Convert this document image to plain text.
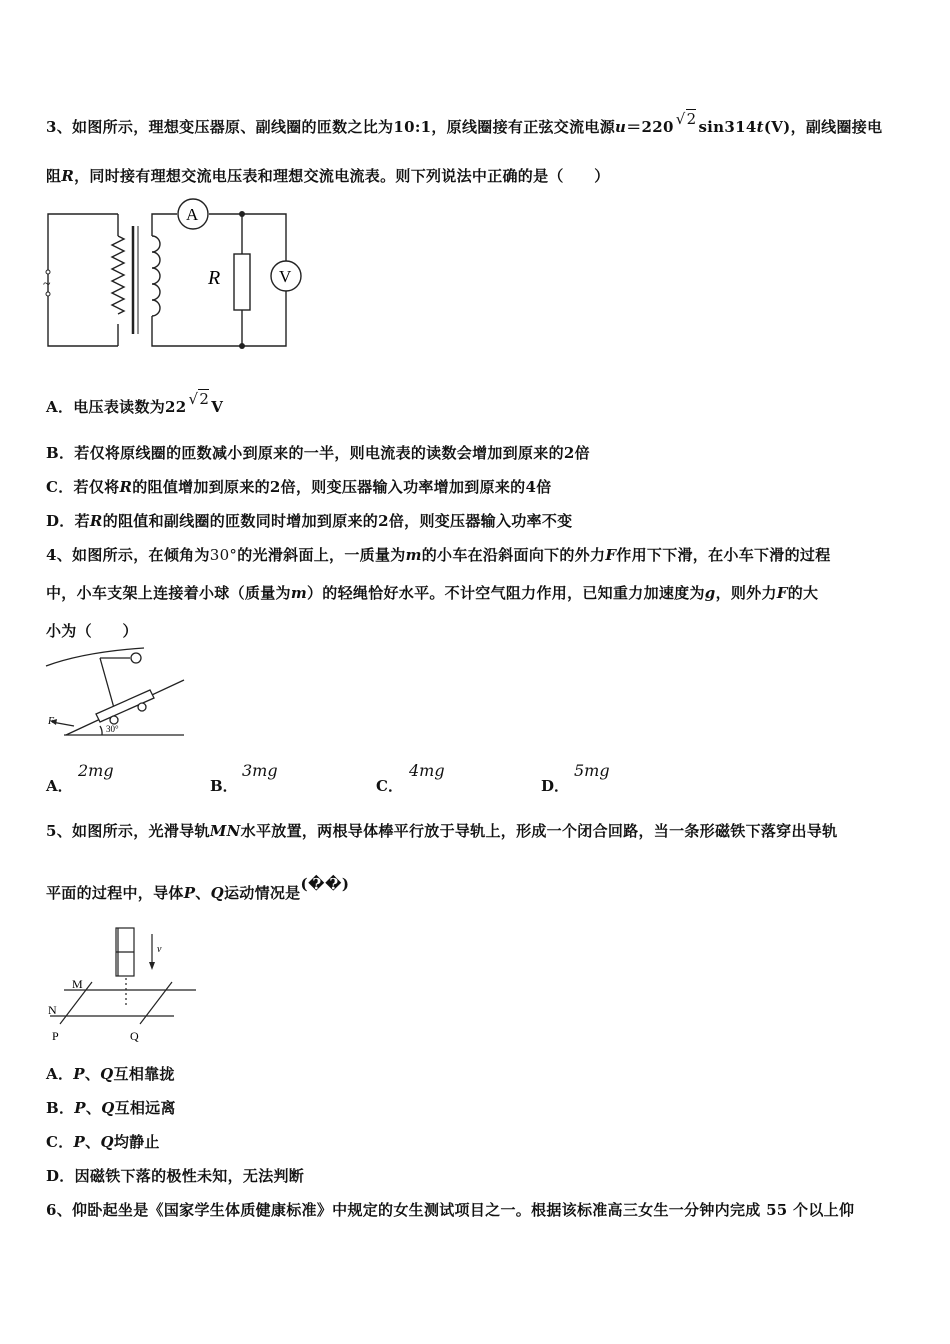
3、如图所示，理想变压器原、副线圈的匝数之比为10:1，原线圈接有正弦交流电源u＝220 √2 sin314t(V)，副线圈接电
阻R，同时接有理想交流电压表和理想交流电流表。则下列说法中正确的是（　　）
~
A
V
R
A．电压表读数为22 √2 V
B．若仅将原线圈的匝数减小到原来的一半，则电流表的读数会增加到原来的2倍
C．若仅将R的阻值增加到原来的2倍，则变压器输入功率增加到原来的4倍
D．若R的阻值和副线圈的匝数同时增加到原来的2倍，则变压器输入功率不变
4、如图所示，在倾角为30°的光滑斜面上，一质量为m的小车在沿斜面向下的外力F作用下下滑，在小车下滑的过程
中，小车支架上连接着小球（质量为m）的轻绳恰好水平。不计空气阻力作用，已知重力加速度为g，则外力F的大
小为（　　）
F
30°
A．
2mg
B．
3mg
C．
4mg
D．
5mg
5、如图所示，光滑导轨MN水平放置，两根导体棒平行放于导轨上，形成一个闭合回路，当一条形磁铁下落穿出导轨
平面的过程中，导体P、Q运动情况是(��)
v
M
N
P	Q
A．P、Q互相靠拢
B．P、Q互相远离
C．P、Q均静止
D．因磁铁下落的极性未知，无法判断
6、仰卧起坐是《国家学生体质健康标准》中规定的女生测试项目之一。根据该标准高三女生一分钟内完成 55 个以上仰
